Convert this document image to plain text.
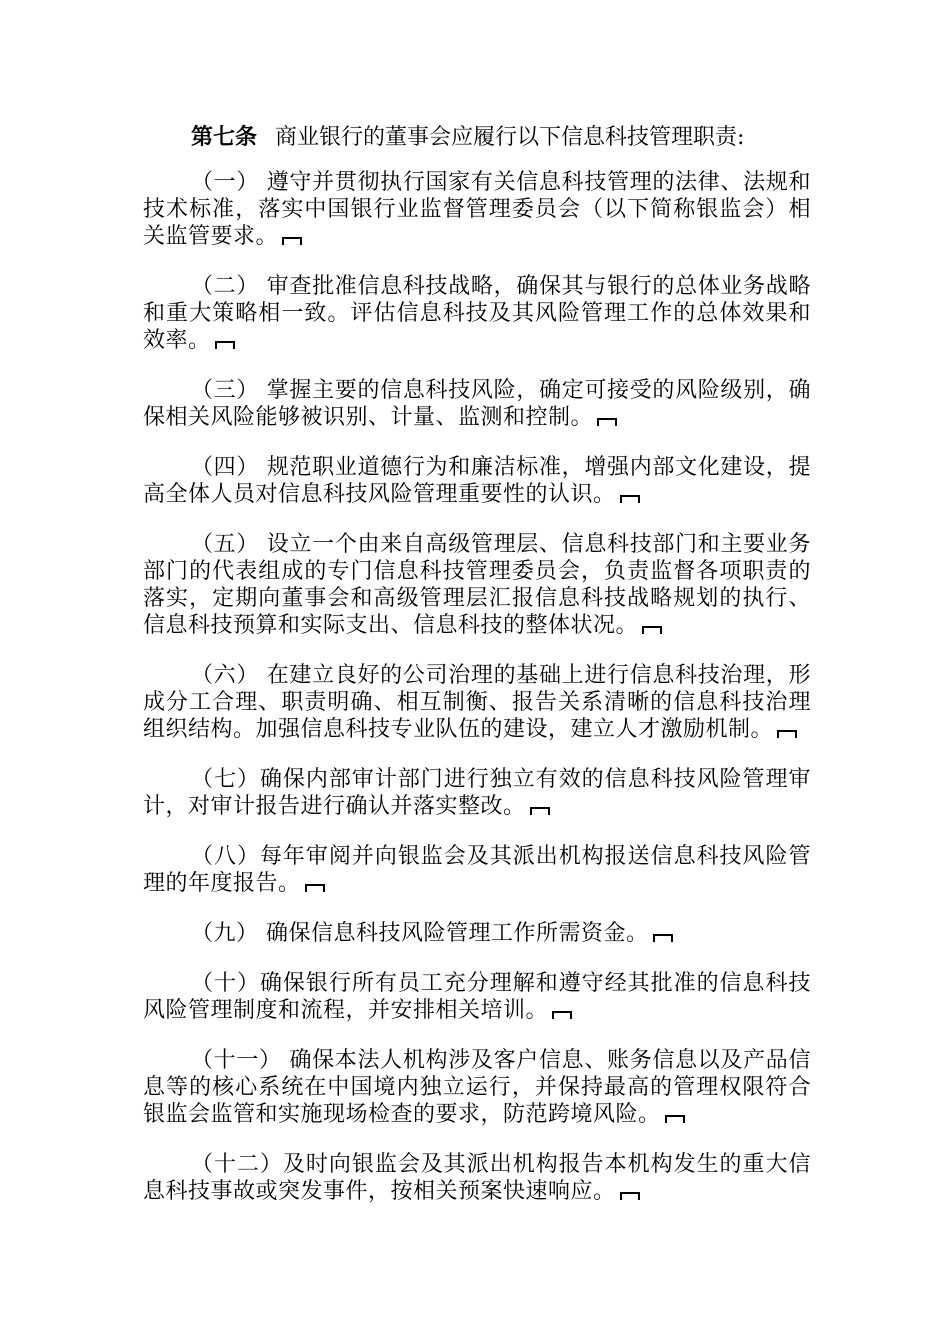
第七条 商业银行的董事会应履行以下信息科技管理职责:

（一） 遵守并贯彻执行国家有关信息科技管理的法律、法规和技术标准，落实中国银行业监督管理委员会（以下简称银监会）相关监管要求。

（二） 审查批准信息科技战略，确保其与银行的总体业务战略和重大策略相一致。评估信息科技及其风险管理工作的总体效果和效率。

（三） 掌握主要的信息科技风险，确定可接受的风险级别，确保相关风险能够被识别、计量、监测和控制。

（四） 规范职业道德行为和廉洁标准，增强内部文化建设，提高全体人员对信息科技风险管理重要性的认识。

（五） 设立一个由来自高级管理层、信息科技部门和主要业务部门的代表组成的专门信息科技管理委员会，负责监督各项职责的落实，定期向董事会和高级管理层汇报信息科技战略规划的执行、信息科技预算和实际支出、信息科技的整体状况。

（六） 在建立良好的公司治理的基础上进行信息科技治理，形成分工合理、职责明确、相互制衡、报告关系清晰的信息科技治理组织结构。加强信息科技专业队伍的建设，建立人才激励机制。

（七）确保内部审计部门进行独立有效的信息科技风险管理审计，对审计报告进行确认并落实整改。

（八）每年审阅并向银监会及其派出机构报送信息科技风险管理的年度报告。

（九） 确保信息科技风险管理工作所需资金。

（十）确保银行所有员工充分理解和遵守经其批准的信息科技风险管理制度和流程，并安排相关培训。

（十一） 确保本法人机构涉及客户信息、账务信息以及产品信息等的核心系统在中国境内独立运行，并保持最高的管理权限符合银监会监管和实施现场检查的要求，防范跨境风险。

（十二）及时向银监会及其派出机构报告本机构发生的重大信息科技事故或突发事件，按相关预案快速响应。
